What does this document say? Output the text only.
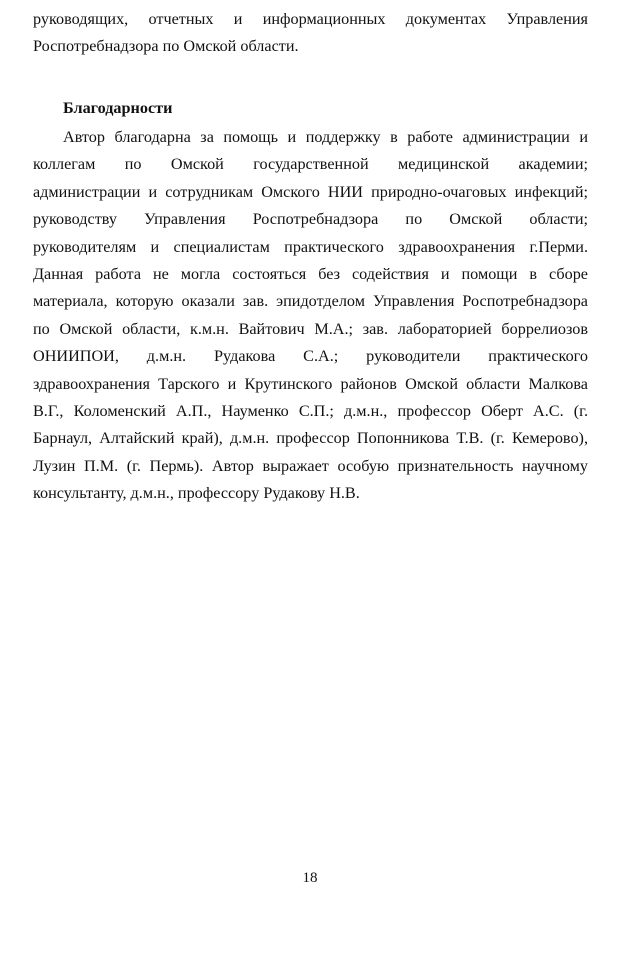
руководящих, отчетных и информационных документах Управления
Роспотребнадзора по Омской области.
Благодарности
Автор благодарна за помощь и поддержку в работе администрации и
коллегам по Омской государственной медицинской академии;
администрации и сотрудникам Омского НИИ природно-очаговых инфекций;
руководству Управления Роспотребнадзора по Омской области;
руководителям и специалистам практического здравоохранения г.Перми.
Данная работа не могла состояться без содействия и помощи в сборе
материала, которую оказали зав. эпидотделом Управления Роспотребнадзора
по Омской области, к.м.н. Вайтович М.А.; зав. лабораторией боррелиозов
ОНИИПОИ, д.м.н. Рудакова С.А.; руководители практического
здравоохранения Тарского и Крутинского районов Омской области Малкова
В.Г., Коломенский А.П., Науменко С.П.; д.м.н., профессор Оберт А.С. (г.
Барнаул, Алтайский край), д.м.н. профессор Попонникова Т.В. (г. Кемерово),
Лузин П.М. (г. Пермь). Автор выражает особую признательность научному
консультанту, д.м.н., профессору Рудакову Н.В.
18
